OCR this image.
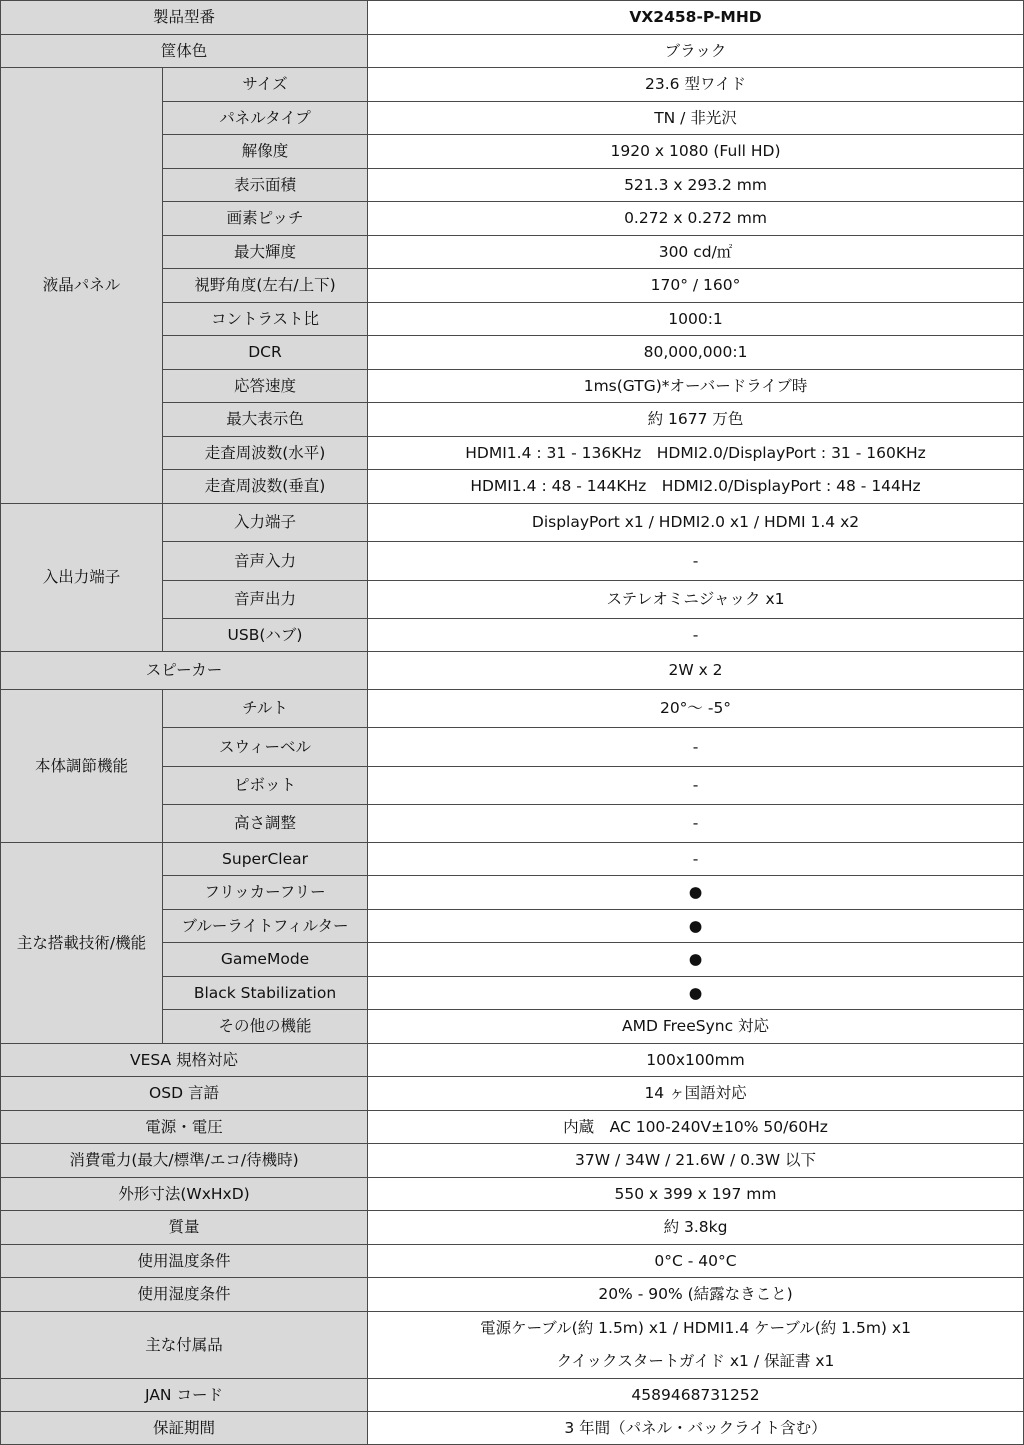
製品型番		VX2458-P-MHD
筐体色		ブラック
液晶パネル	サイズ	23.6 型ワイド
	パネルタイプ	TN / 非光沢
	解像度	1920 x 1080 (Full HD)
	表示面積	521.3 x 293.2 mm
	画素ピッチ	0.272 x 0.272 mm
	最大輝度	300 cd/㎡
	視野角度(左右/上下)	170° / 160°
	コントラスト比	1000:1
	DCR	80,000,000:1
	応答速度	1ms(GTG)*オーバードライブ時
	最大表示色	約 1677 万色
	走査周波数(水平)	HDMI1.4 : 31 - 136KHz　HDMI2.0/DisplayPort : 31 - 160KHz
	走査周波数(垂直)	HDMI1.4 : 48 - 144KHz　HDMI2.0/DisplayPort : 48 - 144Hz
入出力端子	入力端子	DisplayPort x1 / HDMI2.0 x1 / HDMI 1.4 x2
	音声入力	-
	音声出力	ステレオミニジャック x1
	USB(ハブ)	-
スピーカー		2W x 2
本体調節機能	チルト	20°～ -5°
	スウィーベル	-
	ピボット	-
	高さ調整	-
主な搭載技術/機能	SuperClear	-
	フリッカーフリー	●
	ブルーライトフィルター	●
	GameMode	●
	Black Stabilization	●
	その他の機能	AMD FreeSync 対応
VESA 規格対応		100x100mm
OSD 言語		14 ヶ国語対応
電源・電圧		内蔵　AC 100-240V±10% 50/60Hz
消費電力(最大/標準/エコ/待機時)		37W / 34W / 21.6W / 0.3W 以下
外形寸法(WxHxD)		550 x 399 x 197 mm
質量		約 3.8kg
使用温度条件		0°C - 40°C
使用湿度条件		20% - 90% (結露なきこと)
主な付属品		電源ケーブル(約 1.5m) x1 / HDMI1.4 ケーブル(約 1.5m) x1
クイックスタートガイド x1 / 保証書 x1

JAN コード		4589468731252
保証期間		3 年間（パネル・バックライト含む）
